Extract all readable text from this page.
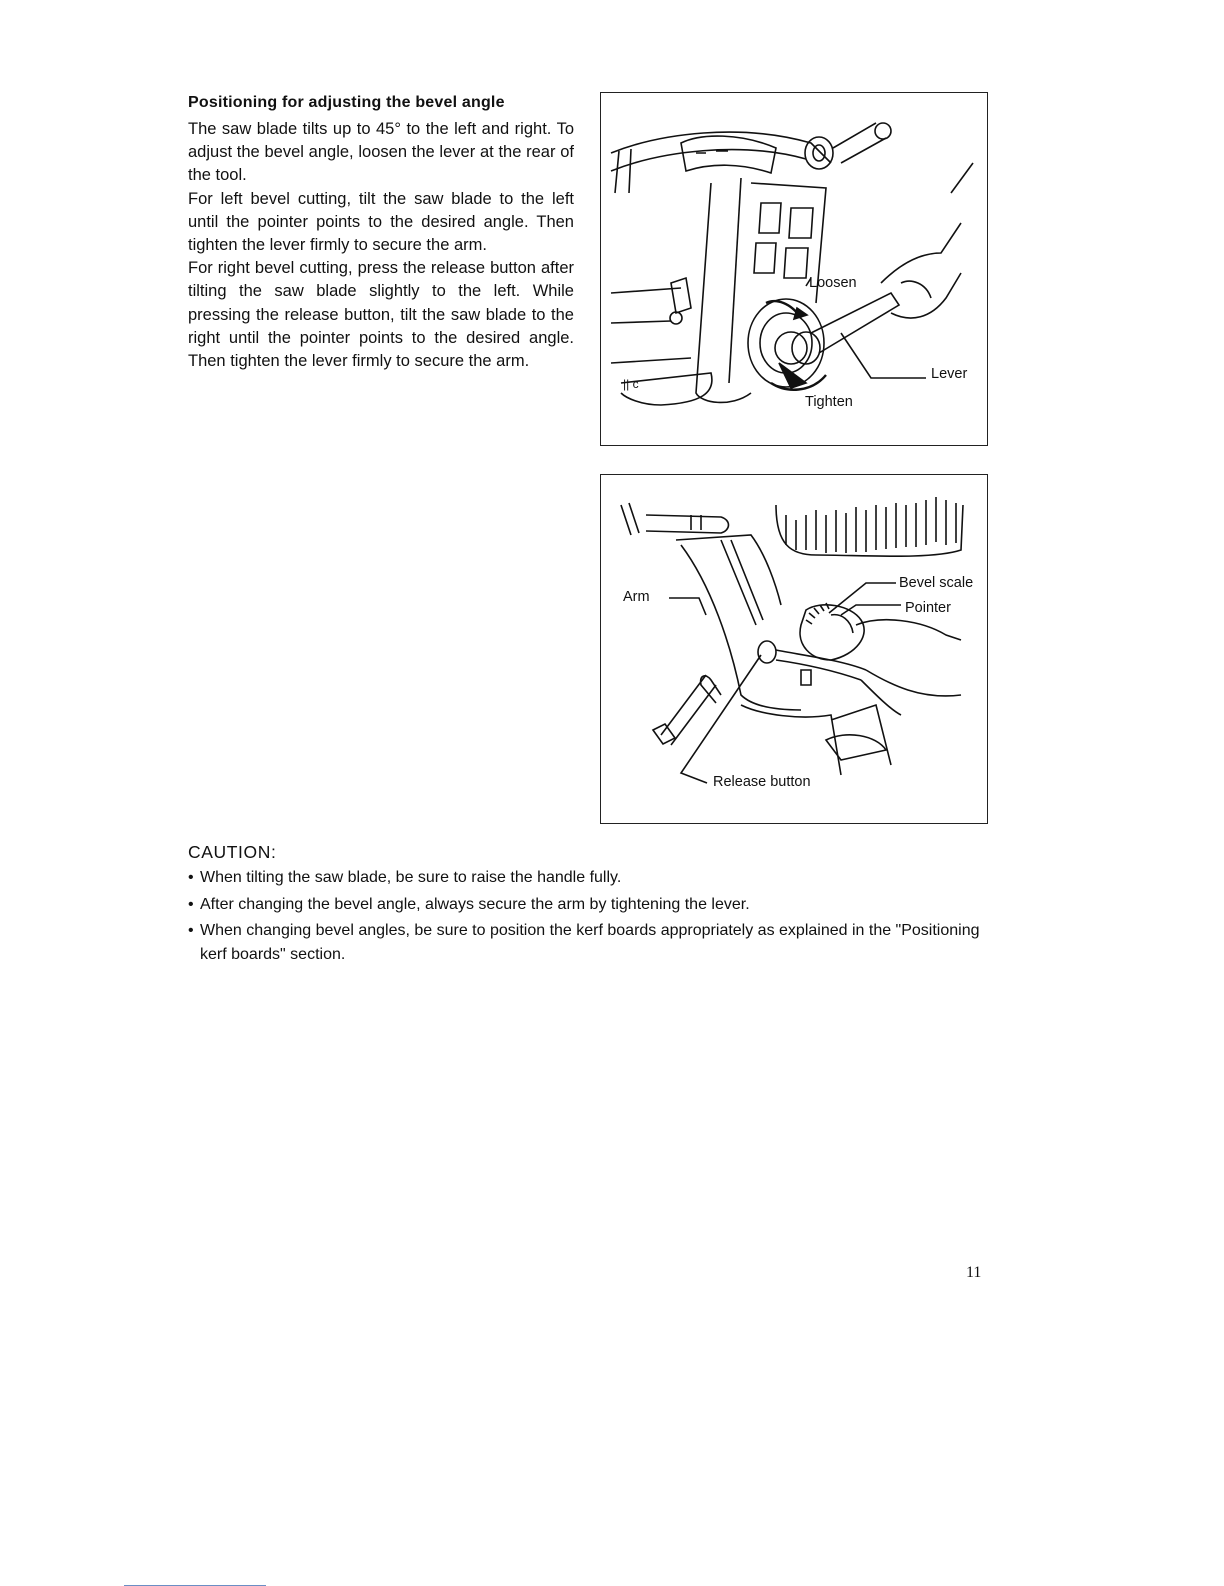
Positioning for adjusting the bevel angle

The saw blade tilts up to 45° to the left and right. To adjust the bevel angle, loosen the lever at the rear of the tool.

For left bevel cutting, tilt the saw blade to the left until the pointer points to the desired angle. Then tighten the lever firmly to secure the arm.

For right bevel cutting, press the release button after tilting the saw blade slightly to the left. While pressing the release button, tilt the saw blade to the right until the pointer points to the desired angle. Then tighten the lever firmly to secure the arm.

|| c
Loosen
Lever
Tighten
Arm
Bevel scale
Pointer
Release button
CAUTION:
• When tilting the saw blade, be sure to raise the handle fully.
• After changing the bevel angle, always secure the arm by tightening the lever.
• When changing bevel angles, be sure to position the kerf boards appropriately as explained in the "Positioning kerf boards" section.
11
